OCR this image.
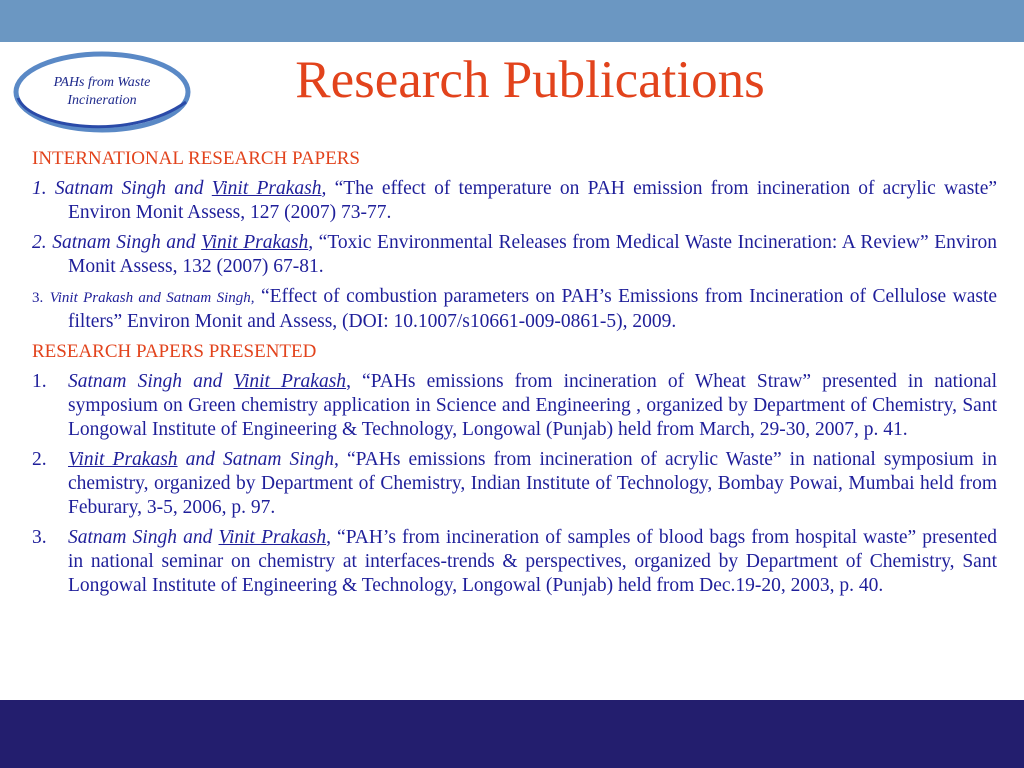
PAHs from Waste Incineration	Research Publications
INTERNATIONAL RESEARCH PAPERS

1. Satnam Singh and Vinit Prakash, “The effect of temperature on PAH emission from incineration of acrylic waste” Environ Monit Assess, 127 (2007) 73-77.

2. Satnam Singh and Vinit Prakash, “Toxic Environmental Releases from Medical Waste Incineration: A Review” Environ Monit Assess, 132 (2007) 67-81.

3. Vinit Prakash and Satnam Singh, “Effect of combustion parameters on PAH’s Emissions from Incineration of Cellulose waste filters” Environ Monit and Assess, (DOI: 10.1007/s10661-009-0861-5), 2009.

RESEARCH PAPERS PRESENTED

1. Satnam Singh and Vinit Prakash, “PAHs emissions from incineration of Wheat Straw” presented in national symposium on Green chemistry application in Science and Engineering , organized by Department of Chemistry, Sant Longowal Institute of Engineering & Technology, Longowal (Punjab) held from March, 29-30, 2007, p. 41.

2. Vinit Prakash and Satnam Singh, “PAHs emissions from incineration of acrylic Waste” in national symposium in chemistry, organized by Department of Chemistry, Indian Institute of Technology, Bombay Powai, Mumbai held from Feburary, 3-5, 2006, p. 97.

3. Satnam Singh and Vinit Prakash, “PAH’s from incineration of samples of blood bags from hospital waste” presented in national seminar on chemistry at interfaces-trends & perspectives, organized by Department of Chemistry, Sant Longowal Institute of Engineering & Technology, Longowal (Punjab) held from Dec.19-20, 2003, p. 40.
